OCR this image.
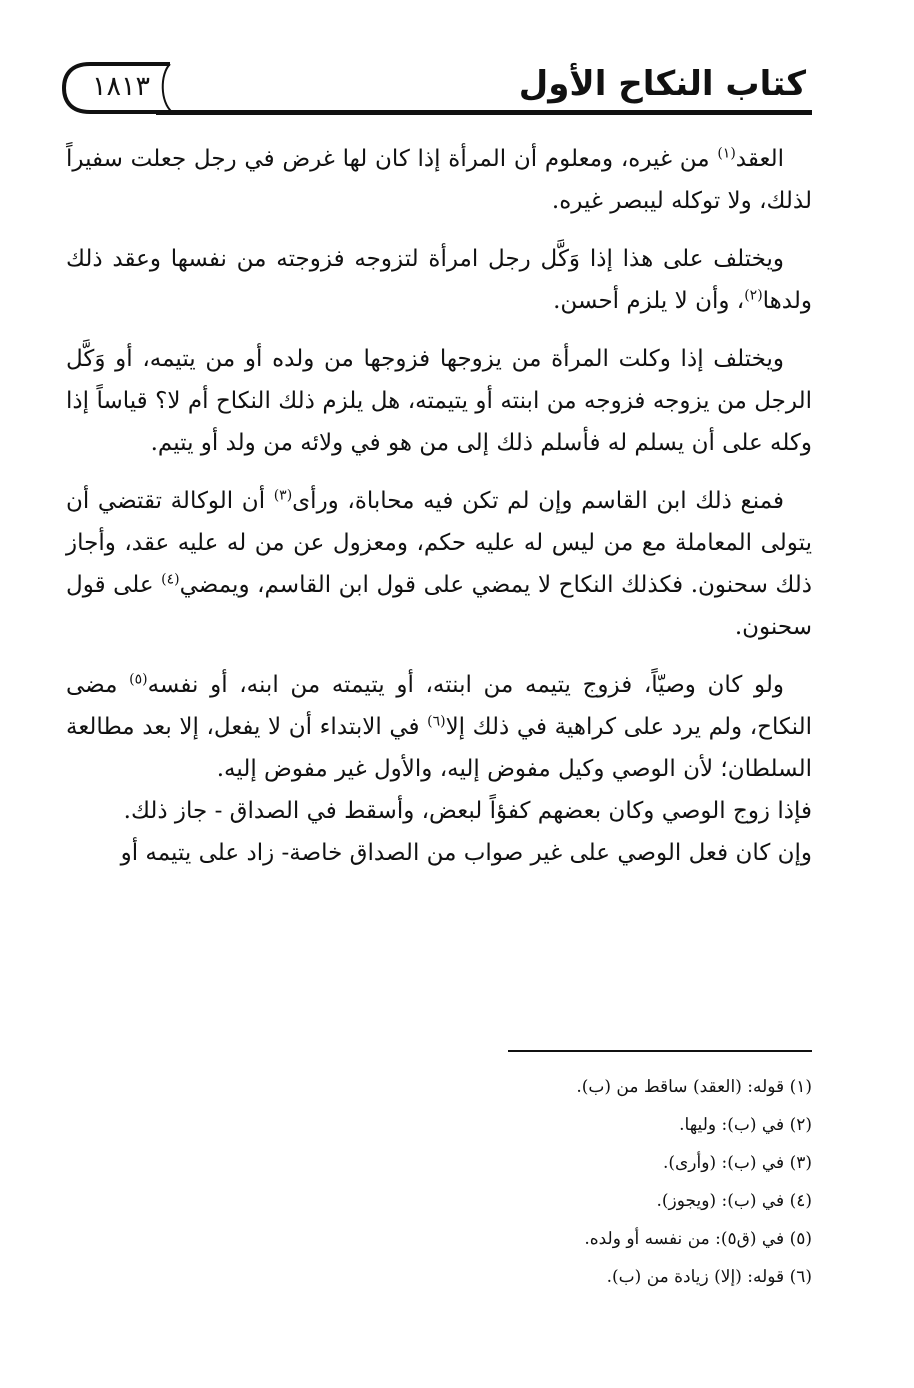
١٨١٣	كتاب النكاح الأول

العقد$^{(١)}$ من غيره، ومعلوم أن المرأة إذا كان لها غرض في رجل جعلت سفيراً لذلك، ولا توكله ليبصر غيره.

ويختلف على هذا إذا وَكَّل رجل امرأة لتزوجه فزوجته من نفسها وعقد ذلك ولدها$^{(٢)}$، وأن لا يلزم أحسن.

ويختلف إذا وكلت المرأة من يزوجها فزوجها من ولده أو من يتيمه، أو وَكَّل الرجل من يزوجه فزوجه من ابنته أو يتيمته، هل يلزم ذلك النكاح أم لا؟ قياساً إذا وكله على أن يسلم له فأسلم ذلك إلى من هو في ولائه من ولد أو يتيم.

فمنع ذلك ابن القاسم وإن لم تكن فيه محاباة، ورأى$^{(٣)}$ أن الوكالة تقتضي أن يتولى المعاملة مع من ليس له عليه حكم، ومعزول عن من له عليه عقد، وأجاز ذلك سحنون. فكذلك النكاح لا يمضي على قول ابن القاسم، ويمضي$^{(٤)}$ على قول سحنون.

ولو كان وصيّاً، فزوج يتيمه من ابنته، أو يتيمته من ابنه، أو نفسه$^{(٥)}$ مضى النكاح، ولم يرد على كراهية في ذلك إلا$^{(٦)}$ في الابتداء أن لا يفعل، إلا بعد مطالعة السلطان؛ لأن الوصي وكيل مفوض إليه، والأول غير مفوض إليه.

فإذا زوج الوصي وكان بعضهم كفؤاً لبعض، وأسقط في الصداق - جاز ذلك.

وإن كان فعل الوصي على غير صواب من الصداق خاصة- زاد على يتيمه أو

(١) قوله: (العقد) ساقط من (ب).
(٢) في (ب): وليها.
(٣) في (ب): (وأرى).
(٤) في (ب): (ويجوز).
(٥) في (ق٥): من نفسه أو ولده.
(٦) قوله: (إلا) زيادة من (ب).
